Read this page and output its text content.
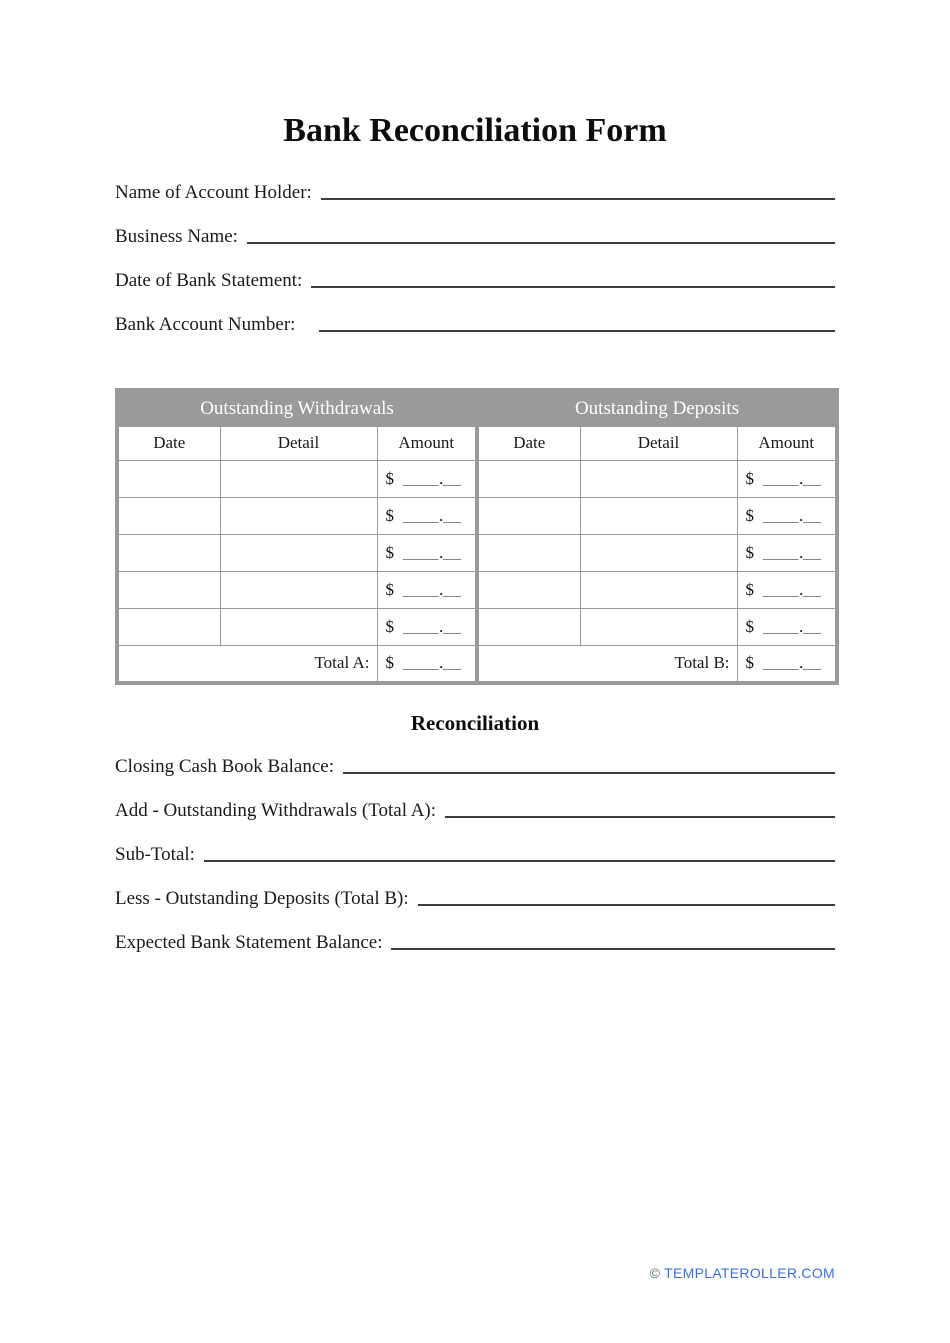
Bank Reconciliation Form
Name of Account Holder:
Business Name:
Date of Bank Statement:
Bank Account Number:
Outstanding Withdrawals			Outstanding Deposits		
Date	Detail	Amount	Date	Detail	Amount
		$ ____.__			$ ____.__
		$ ____.__			$ ____.__
		$ ____.__			$ ____.__
		$ ____.__			$ ____.__
		$ ____.__			$ ____.__
Total A:		$ ____.__	Total B:		$ ____.__
Reconciliation
Closing Cash Book Balance:
Add - Outstanding Withdrawals (Total A):
Sub-Total:
Less - Outstanding Deposits (Total B):
Expected Bank Statement Balance:
© TEMPLATEROLLER.COM
